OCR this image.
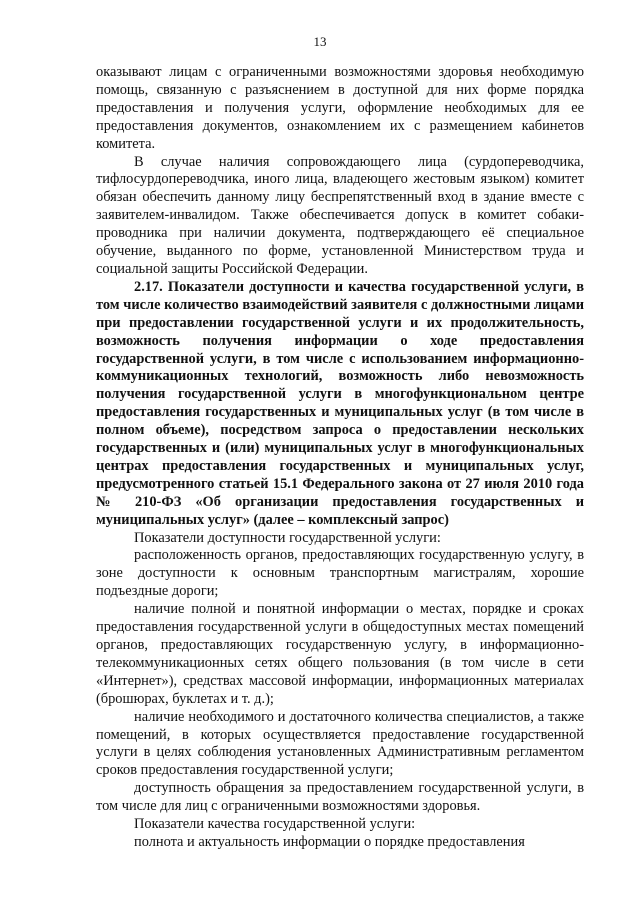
13

оказывают лицам с ограниченными возможностями здоровья необходимую помощь, связанную с разъяснением в доступной для них форме порядка предоставления и получения услуги, оформление необходимых для ее предоставления документов, ознакомлением их с размещением кабинетов комитета.

В случае наличия сопровождающего лица (сурдопереводчика, тифлосурдопереводчика, иного лица, владеющего жестовым языком) комитет обязан обеспечить данному лицу беспрепятственный вход в здание вместе с заявителем-инвалидом. Также обеспечивается допуск в комитет собаки-проводника при наличии документа, подтверждающего её специальное обучение, выданного по форме, установленной Министерством труда и социальной защиты Российской Федерации.

2.17. Показатели доступности и качества государственной услуги, в том числе количество взаимодействий заявителя с должностными лицами при предоставлении государственной услуги и их продолжительность, возможность получения информации о ходе предоставления государственной услуги, в том числе с использованием информационно-коммуникационных технологий, возможность либо невозможность получения государственной услуги в многофункциональном центре предоставления государственных и муниципальных услуг (в том числе в полном объеме), посредством запроса о предоставлении нескольких государственных и (или) муниципальных услуг в многофункциональных центрах предоставления государственных и муниципальных услуг, предусмотренного статьей 15.1 Федерального закона от 27 июля 2010 года № 210-ФЗ «Об организации предоставления государственных и муниципальных услуг» (далее – комплексный запрос)

Показатели доступности государственной услуги:

расположенность органов, предоставляющих государственную услугу, в зоне доступности к основным транспортным магистралям, хорошие подъездные дороги;

наличие полной и понятной информации о местах, порядке и сроках предоставления государственной услуги в общедоступных местах помещений органов, предоставляющих государственную услугу, в информационно-телекоммуникационных сетях общего пользования (в том числе в сети «Интернет»), средствах массовой информации, информационных материалах (брошюрах, буклетах и т. д.);

наличие необходимого и достаточного количества специалистов, а также помещений, в которых осуществляется предоставление государственной услуги в целях соблюдения установленных Административным регламентом сроков предоставления государственной услуги;

доступность обращения за предоставлением государственной услуги, в том числе для лиц с ограниченными возможностями здоровья.

Показатели качества государственной услуги:

полнота и актуальность информации о порядке предоставления
